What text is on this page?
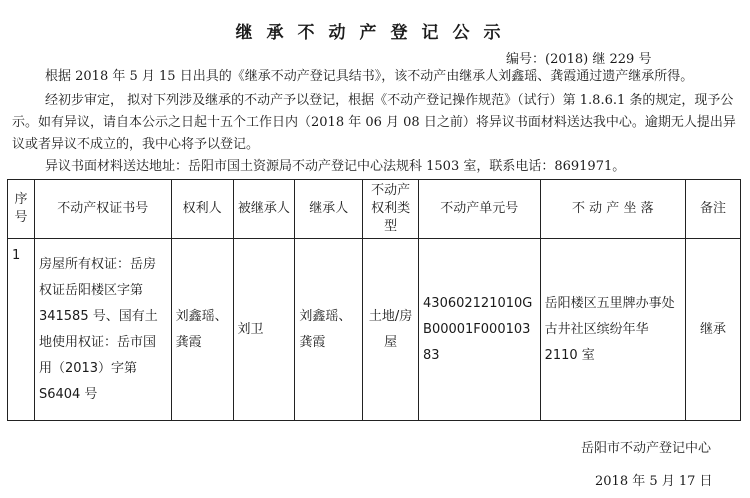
继承不动产登记公示
编号：(2018) 继 229 号
根据 2018 年 5 月 15 日出具的《继承不动产登记具结书》，该不动产由继承人刘鑫瑶、龚霞通过遗产继承所得。
经初步审定， 拟对下列涉及继承的不动产予以登记，根据《不动产登记操作规范》（试行）第 1.8.6.1 条的规定，现予公示。如有异议，请自本公示之日起十五个工作日内（2018 年 06 月 08 日之前）将异议书面材料送达我中心。逾期无人提出异议或者异议不成立的，我中心将予以登记。
异议书面材料送达地址：岳阳市国土资源局不动产登记中心法规科 1503 室，联系电话：8691971。
序号	不动产权证书号	权利人	被继承人	继承人	不动产权利类型	不动产单元号	不 动 产 坐 落	备注
1	房屋所有权证：岳房权证岳阳楼区字第 341585 号、国有土地使用权证：岳市国用（2013）字第 S6404 号	刘鑫瑶、龚霞	刘卫	刘鑫瑶、龚霞	土地/房屋	430602121010GB00001F00010383	岳阳楼区五里牌办事处古井社区缤纷年华 2110 室	继承
岳阳市不动产登记中心
2018 年 5 月 17 日
